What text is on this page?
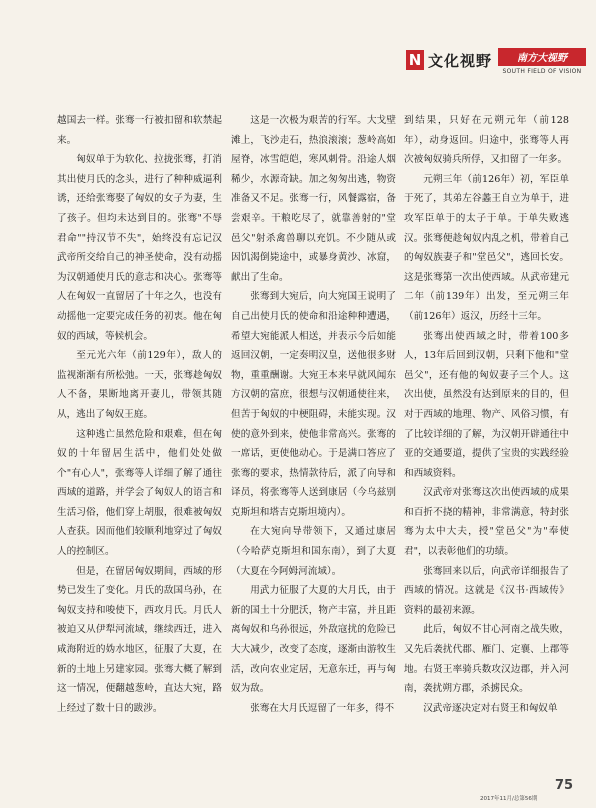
N 文化视野	南方大视野
SOUTH FIELD OF VISION

越国去一样。张骞一行被扣留和软禁起来。

匈奴单于为软化、拉拢张骞，打消其出使月氏的念头，进行了种种威逼利诱，还给张骞娶了匈奴的女子为妻，生了孩子。但均未达到目的。张骞"不辱君命""持汉节不失"，始终没有忘记汉武帝所交给自己的神圣使命，没有动摇为汉朝通使月氏的意志和决心。张骞等人在匈奴一直留居了十年之久，也没有动摇他一定要完成任务的初衷。他在匈奴的西域，等候机会。

至元光六年（前129年），敌人的监视渐渐有所松弛。一天，张骞趁匈奴人不备，果断地离开妻儿，带领其随从，逃出了匈奴王庭。

这种逃亡虽然危险和艰难，但在匈奴的十年留居生活中，他们处处做个"有心人"，张骞等人详细了解了通往西域的道路，并学会了匈奴人的语言和生活习俗，他们穿上胡服，很难被匈奴人查获。因而他们较顺利地穿过了匈奴人的控制区。

但是，在留居匈奴期间，西域的形势已发生了变化。月氏的敌国乌孙，在匈奴支持和唆使下，西攻月氏。月氏人被迫又从伊犁河流域，继续西迁，进入咸海附近的妫水地区，征服了大夏，在新的土地上另建家园。张骞大概了解到这一情况，便翻越葱岭，直达大宛，路上经过了数十日的跋涉。

这是一次极为艰苦的行军。大戈壁滩上，飞沙走石，热浪滚滚；葱岭高如屋脊，冰雪皑皑，寒风刺骨。沿途人烟稀少，水源奇缺。加之匆匆出逃，物资准备又不足。张骞一行，风餐露宿，备尝艰辛。干粮吃尽了，就靠善射的"堂邑父"射杀禽兽聊以充饥。不少随从或因饥渴倒毙途中，或暴身黄沙、冰窟，献出了生命。

张骞到大宛后，向大宛国王说明了自己出使月氏的使命和沿途种种遭遇，希望大宛能派人相送，并表示今后如能返回汉朝，一定奏明汉皇，送他很多财物，重重酬谢。大宛王本来早就风闻东方汉朝的富庶，很想与汉朝通使往来，但苦于匈奴的中梗阻碍，未能实现。汉使的意外到来，使他非常高兴。张骞的一席话，更使他动心。于是满口答应了张骞的要求，热情款待后，派了向导和译员，将张骞等人送到康居（今乌兹别克斯坦和塔吉克斯坦境内）。

在大宛向导带领下，又通过康居（今哈萨克斯坦和国东南），到了大夏（大夏在今阿姆河流域）。

用武力征服了大夏的大月氏，由于新的国土十分肥沃，物产丰富，并且距离匈奴和乌孙很远，外敌寇扰的危险已大大减少，改变了态度，逐渐由游牧生活，改向农业定居，无意东迁，再与匈奴为敌。

张骞在大月氏逗留了一年多，得不

到结果，只好在元朔元年（前128年），动身返回。归途中，张骞等人再次被匈奴骑兵所俘，又扣留了一年多。

元朔三年（前126年）初，军臣单于死了，其弟左谷蠡王自立为单于，进攻军臣单于的太子于单。于单失败逃汉。张骞便趁匈奴内乱之机，带着自己的匈奴族妻子和"堂邑父"，逃回长安。这是张骞第一次出使西域。从武帝建元二年（前139年）出发，至元朔三年（前126年）返汉，历经十三年。

张骞出使西域之时，带着100多人，13年后回到汉朝，只剩下他和"堂邑父"，还有他的匈奴妻子三个人。这次出使，虽然没有达到原来的目的，但对于西域的地理、物产、风俗习惯，有了比较详细的了解，为汉朝开辟通往中亚的交通要道，提供了宝贵的实践经验和西域资料。

汉武帝对张骞这次出使西域的成果和百折不挠的精神，非常满意，特封张骞为太中大夫，授"堂邑父"为"奉使君"，以表彰他们的功绩。

张骞回来以后，向武帝详细报告了西域的情况。这就是《汉书·西域传》资料的最初来源。

此后，匈奴不甘心河南之战失败，又先后袭扰代郡、雁门、定襄、上郡等地。右贤王率骑兵数攻汉边郡，并入河南，袭扰朔方郡，杀掳民众。

汉武帝逐决定对右贤王和匈奴单

75
2017年11月/总第56期
